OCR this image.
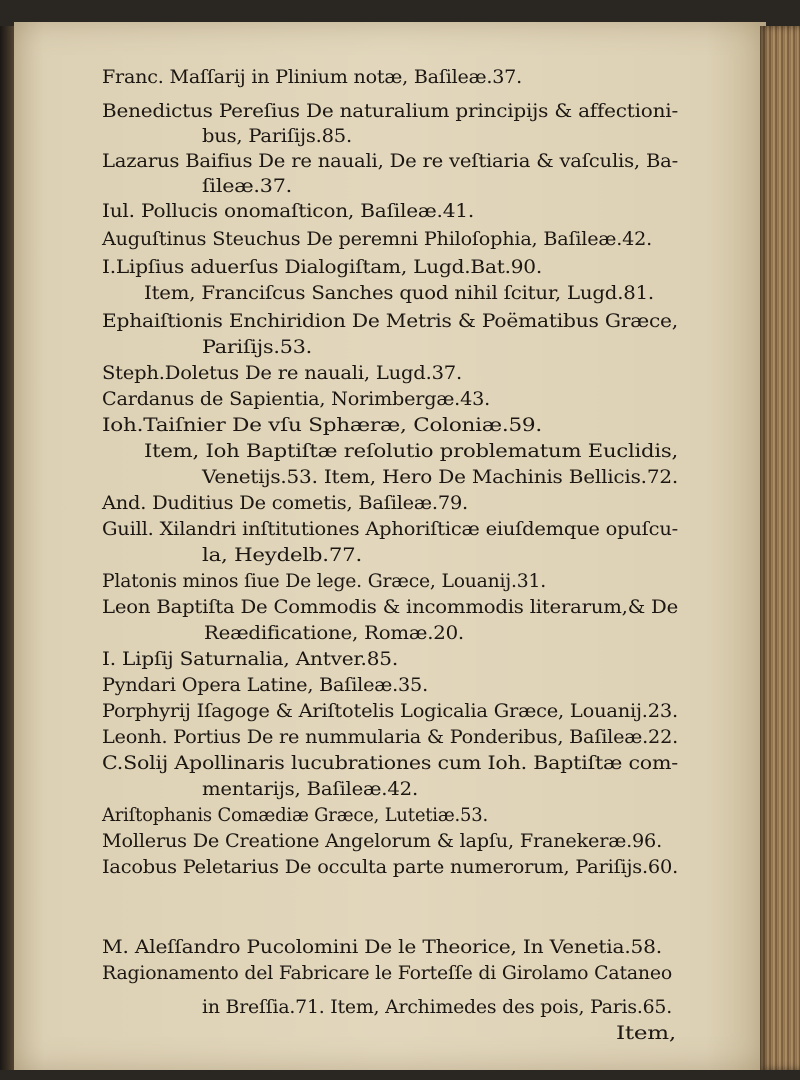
Franc. Maſſarij in Plinium notæ, Baſileæ.37.
Benedictus Pereſius De naturalium principijs & affectioni-
bus, Pariſijs.85.
Lazarus Baifius De re nauali, De re veſtiaria & vaſculis, Ba-
ſileæ.37.
Iul. Pollucis onomaſticon, Baſileæ.41.
Auguſtinus Steuchus De peremni Philoſophia, Baſileæ.42.
I.Lipſius aduerſus Dialogiſtam, Lugd.Bat.90.
Item, Franciſcus Sanches quod nihil ſcitur, Lugd.81.
Ephaiſtionis Enchiridion De Metris & Poëmatibus Græce,
Pariſijs.53.
Steph.Doletus De re nauali, Lugd.37.
Cardanus de Sapientia, Norimbergæ.43.
Ioh.Taiſnier De vſu Sphæræ, Coloniæ.59.
Item, Ioh Baptiſtæ reſolutio problematum Euclidis,
Venetijs.53. Item, Hero De Machinis Bellicis.72.
And. Duditius De cometis, Baſileæ.79.
Guill. Xilandri inſtitutiones Aphoriſticæ eiuſdemque opuſcu-
la, Heydelb.77.
Platonis minos ſiue De lege. Græce, Louanij.31.
Leon Baptiſta De Commodis & incommodis literarum,& De
Reædificatione, Romæ.20.
I. Lipſij Saturnalia, Antver.85.
Pyndari Opera Latine, Baſileæ.35.
Porphyrij Iſagoge & Ariſtotelis Logicalia Græce, Louanij.23.
Leonh. Portius De re nummularia & Ponderibus, Baſileæ.22.
C.Solij Apollinaris lucubrationes cum Ioh. Baptiſtæ com-
mentarijs, Baſileæ.42.
Ariſtophanis Comædiæ Græce, Lutetiæ.53.
Mollerus De Creatione Angelorum & lapſu, Franekeræ.96.
Iacobus Peletarius De occulta parte numerorum, Pariſijs.60.
M. Aleſſandro Pucolomini De le Theorice, In Venetia.58.
Ragionamento del Fabricare le Forteſſe di Girolamo Cataneo
in Breſſia.71. Item, Archimedes des pois, Paris.65.
Item,
